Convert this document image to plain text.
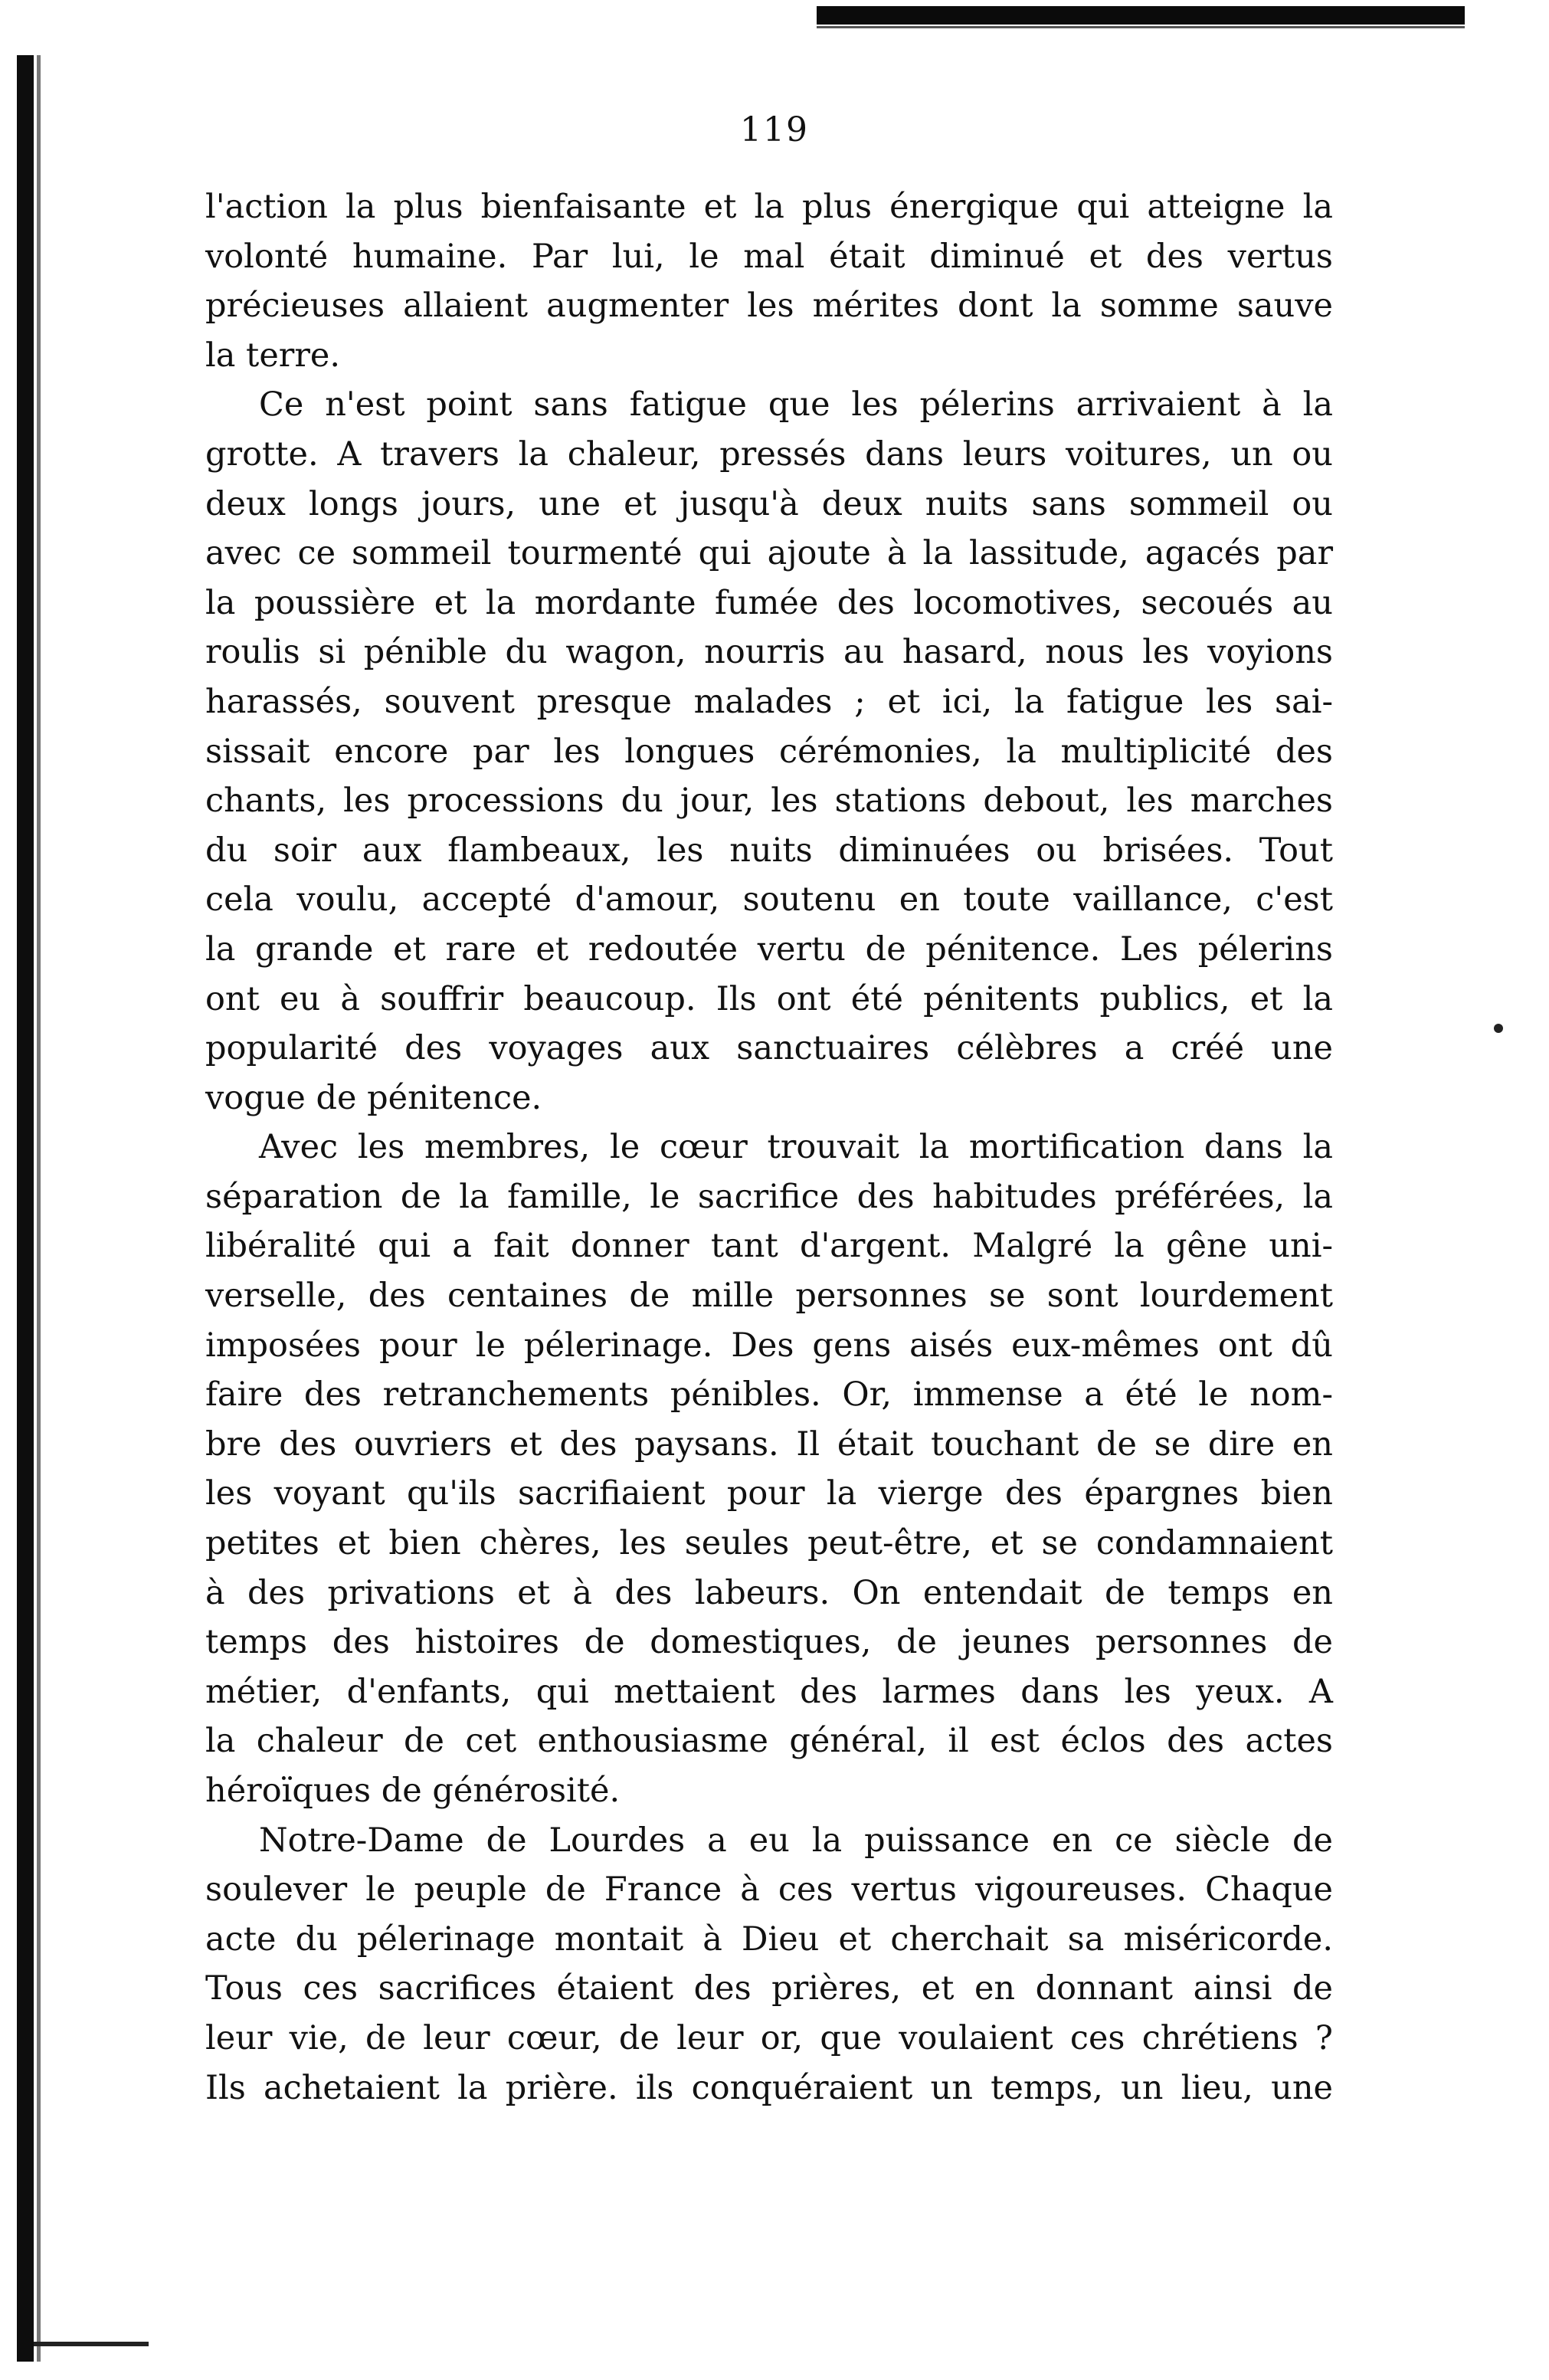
119
l'action la plus bienfaisante et la plus énergique qui atteigne la
volonté humaine. Par lui, le mal était diminué et des vertus
précieuses allaient augmenter les mérites dont la somme sauve
la terre.
Ce n'est point sans fatigue que les pélerins arrivaient à la
grotte. A travers la chaleur, pressés dans leurs voitures, un ou
deux longs jours, une et jusqu'à deux nuits sans sommeil ou
avec ce sommeil tourmenté qui ajoute à la lassitude, agacés par
la poussière et la mordante fumée des locomotives, secoués au
roulis si pénible du wagon, nourris au hasard, nous les voyions
harassés, souvent presque malades ; et ici, la fatigue les sai-
sissait encore par les longues cérémonies, la multiplicité des
chants, les processions du jour, les stations debout, les marches
du soir aux flambeaux, les nuits diminuées ou brisées. Tout
cela voulu, accepté d'amour, soutenu en toute vaillance, c'est
la grande et rare et redoutée vertu de pénitence. Les pélerins
ont eu à souffrir beaucoup. Ils ont été pénitents publics, et la
popularité des voyages aux sanctuaires célèbres a créé une
vogue de pénitence.
Avec les membres, le cœur trouvait la mortification dans la
séparation de la famille, le sacrifice des habitudes préférées, la
libéralité qui a fait donner tant d'argent. Malgré la gêne uni-
verselle, des centaines de mille personnes se sont lourdement
imposées pour le pélerinage. Des gens aisés eux-mêmes ont dû
faire des retranchements pénibles. Or, immense a été le nom-
bre des ouvriers et des paysans. Il était touchant de se dire en
les voyant qu'ils sacrifiaient pour la vierge des épargnes bien
petites et bien chères, les seules peut-être, et se condamnaient
à des privations et à des labeurs. On entendait de temps en
temps des histoires de domestiques, de jeunes personnes de
métier, d'enfants, qui mettaient des larmes dans les yeux. A
la chaleur de cet enthousiasme général, il est éclos des actes
héroïques de générosité.
Notre-Dame de Lourdes a eu la puissance en ce siècle de
soulever le peuple de France à ces vertus vigoureuses. Chaque
acte du pélerinage montait à Dieu et cherchait sa miséricorde.
Tous ces sacrifices étaient des prières, et en donnant ainsi de
leur vie, de leur cœur, de leur or, que voulaient ces chrétiens ?
Ils achetaient la prière. ils conquéraient un temps, un lieu, une
